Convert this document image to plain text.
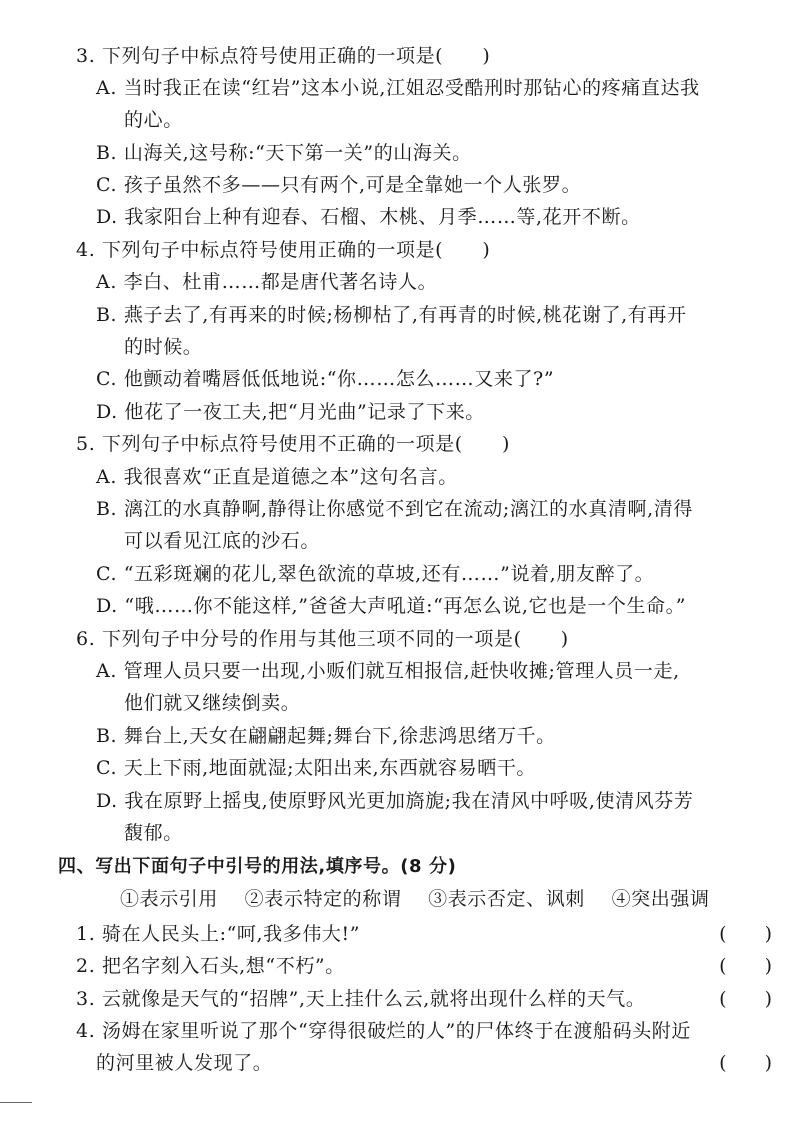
3. 下列句子中标点符号使用正确的一项是(　　)
A. 当时我正在读“红岩”这本小说,江姐忍受酷刑时那钻心的疼痛直达我
的心。
B. 山海关,这号称:“天下第一关”的山海关。
C. 孩子虽然不多——只有两个,可是全靠她一个人张罗。
D. 我家阳台上种有迎春、石榴、木桃、月季……等,花开不断。
4. 下列句子中标点符号使用正确的一项是(　　)
A. 李白、杜甫……都是唐代著名诗人。
B. 燕子去了,有再来的时候;杨柳枯了,有再青的时候,桃花谢了,有再开
的时候。
C. 他颤动着嘴唇低低地说:“你……怎么……又来了?”
D. 他花了一夜工夫,把“月光曲”记录了下来。
5. 下列句子中标点符号使用不正确的一项是(　　)
A. 我很喜欢“正直是道德之本”这句名言。
B. 漓江的水真静啊,静得让你感觉不到它在流动;漓江的水真清啊,清得
可以看见江底的沙石。
C. “五彩斑斓的花儿,翠色欲流的草坡,还有……”说着,朋友醉了。
D. “哦……你不能这样,”爸爸大声吼道:“再怎么说,它也是一个生命。”
6. 下列句子中分号的作用与其他三项不同的一项是(　　)
A. 管理人员只要一出现,小贩们就互相报信,赶快收摊;管理人员一走,
他们就又继续倒卖。
B. 舞台上,天女在翩翩起舞;舞台下,徐悲鸿思绪万千。
C. 天上下雨,地面就湿;太阳出来,东西就容易晒干。
D. 我在原野上摇曳,使原野风光更加旖旎;我在清风中呼吸,使清风芬芳
馥郁。
四、写出下面句子中引号的用法,填序号。(8 分)
①表示引用 ②表示特定的称谓 ③表示否定、讽刺 ④突出强调
1. 骑在人民头上:“呵,我多伟大!”	(　　)
2. 把名字刻入石头,想“不朽”。	(　　)
3. 云就像是天气的“招牌”,天上挂什么云,就将出现什么样的天气。	(　　)
4. 汤姆在家里听说了那个“穿得很破烂的人”的尸体终于在渡船码头附近
的河里被人发现了。	(　　)
